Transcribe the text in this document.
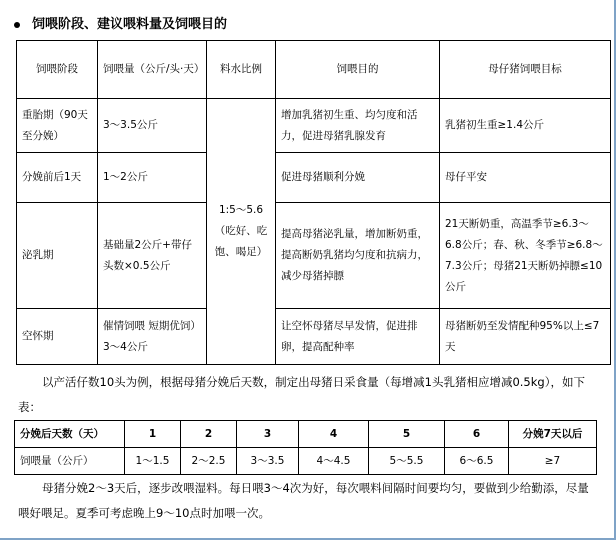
饲喂阶段、建议喂料量及饲喂目的
饲喂阶段	饲喂量（公斤/头·天）	料水比例	饲喂目的	母仔猪饲喂目标
重胎期（90天至分娩）	3～3.5公斤	1:5～5.6（吃好、吃饱、喝足）	增加乳猪初生重、均匀度和活力，促进母猪乳腺发育	乳猪初生重≥1.4公斤
分娩前后1天	1～2公斤		促进母猪顺利分娩	母仔平安
泌乳期	基础量2公斤+带仔头数×0.5公斤		提高母猪泌乳量，增加断奶重，提高断奶乳猪均匀度和抗病力，减少母猪掉膘	21天断奶重，高温季节≥6.3～6.8公斤；春、秋、冬季节≥6.8～7.3公斤；母猪21天断奶掉膘≤10公斤
空怀期	催情饲喂 短期优饲）3～4公斤		让空怀母猪尽早发情，促进排卵，提高配种率	母猪断奶至发情配种95%以上≤7天
以产活仔数10头为例，根据母猪分娩后天数，制定出母猪日采食量（每增减1头乳猪相应增减0.5kg），如下表：
分娩后天数（天）	1	2	3	4	5	6	分娩7天以后
饲喂量（公斤）	1～1.5	2～2.5	3～3.5	4～4.5	5～5.5	6～6.5	≥7
母猪分娩2～3天后，逐步改喂湿料。每日喂3～4次为好，每次喂料间隔时间要均匀，要做到少给勤添，尽量喂好喂足。夏季可考虑晚上9～10点时加喂一次。
